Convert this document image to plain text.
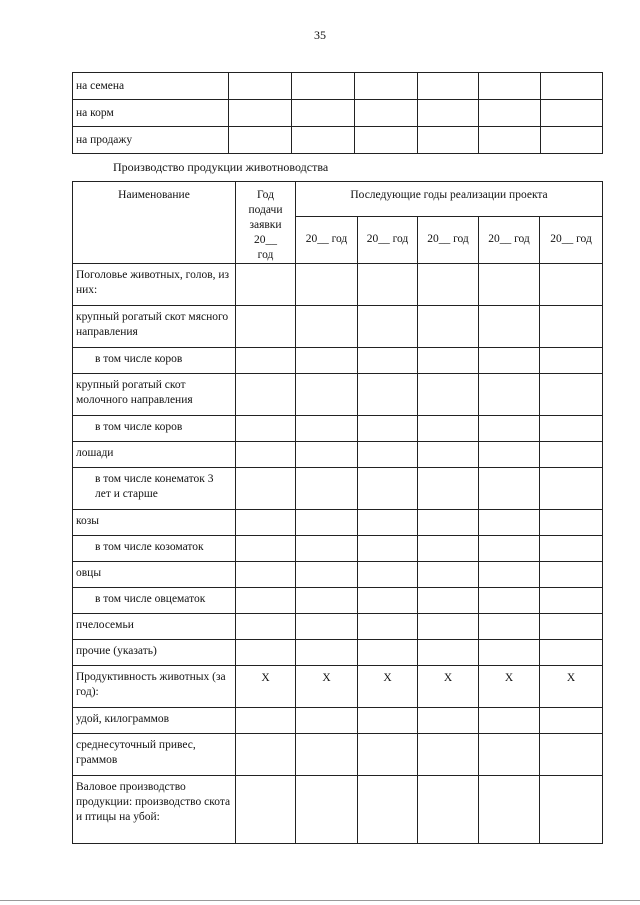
35
на семена						
на корм						
на продажу						
Производство продукции животноводства
Наименование	Год подачи заявки 20__ год	Последующие годы реализации проекта				
		20__ год	20__ год	20__ год	20__ год	20__ год
Поголовье животных, голов, из них:						
крупный рогатый скот мясного направления						
в том числе коров						
крупный рогатый скот молочного направления						
в том числе коров						
лошади						
в том числе конематок 3 лет и старше						
козы						
в том числе козоматок						
овцы						
в том числе овцематок						
пчелосемьи						
прочие (указать)						
Продуктивность животных (за год):	X	X	X	X	X	X
удой, килограммов						
среднесуточный привес, граммов						
Валовое производство продукции: производство скота и птицы на убой:						
